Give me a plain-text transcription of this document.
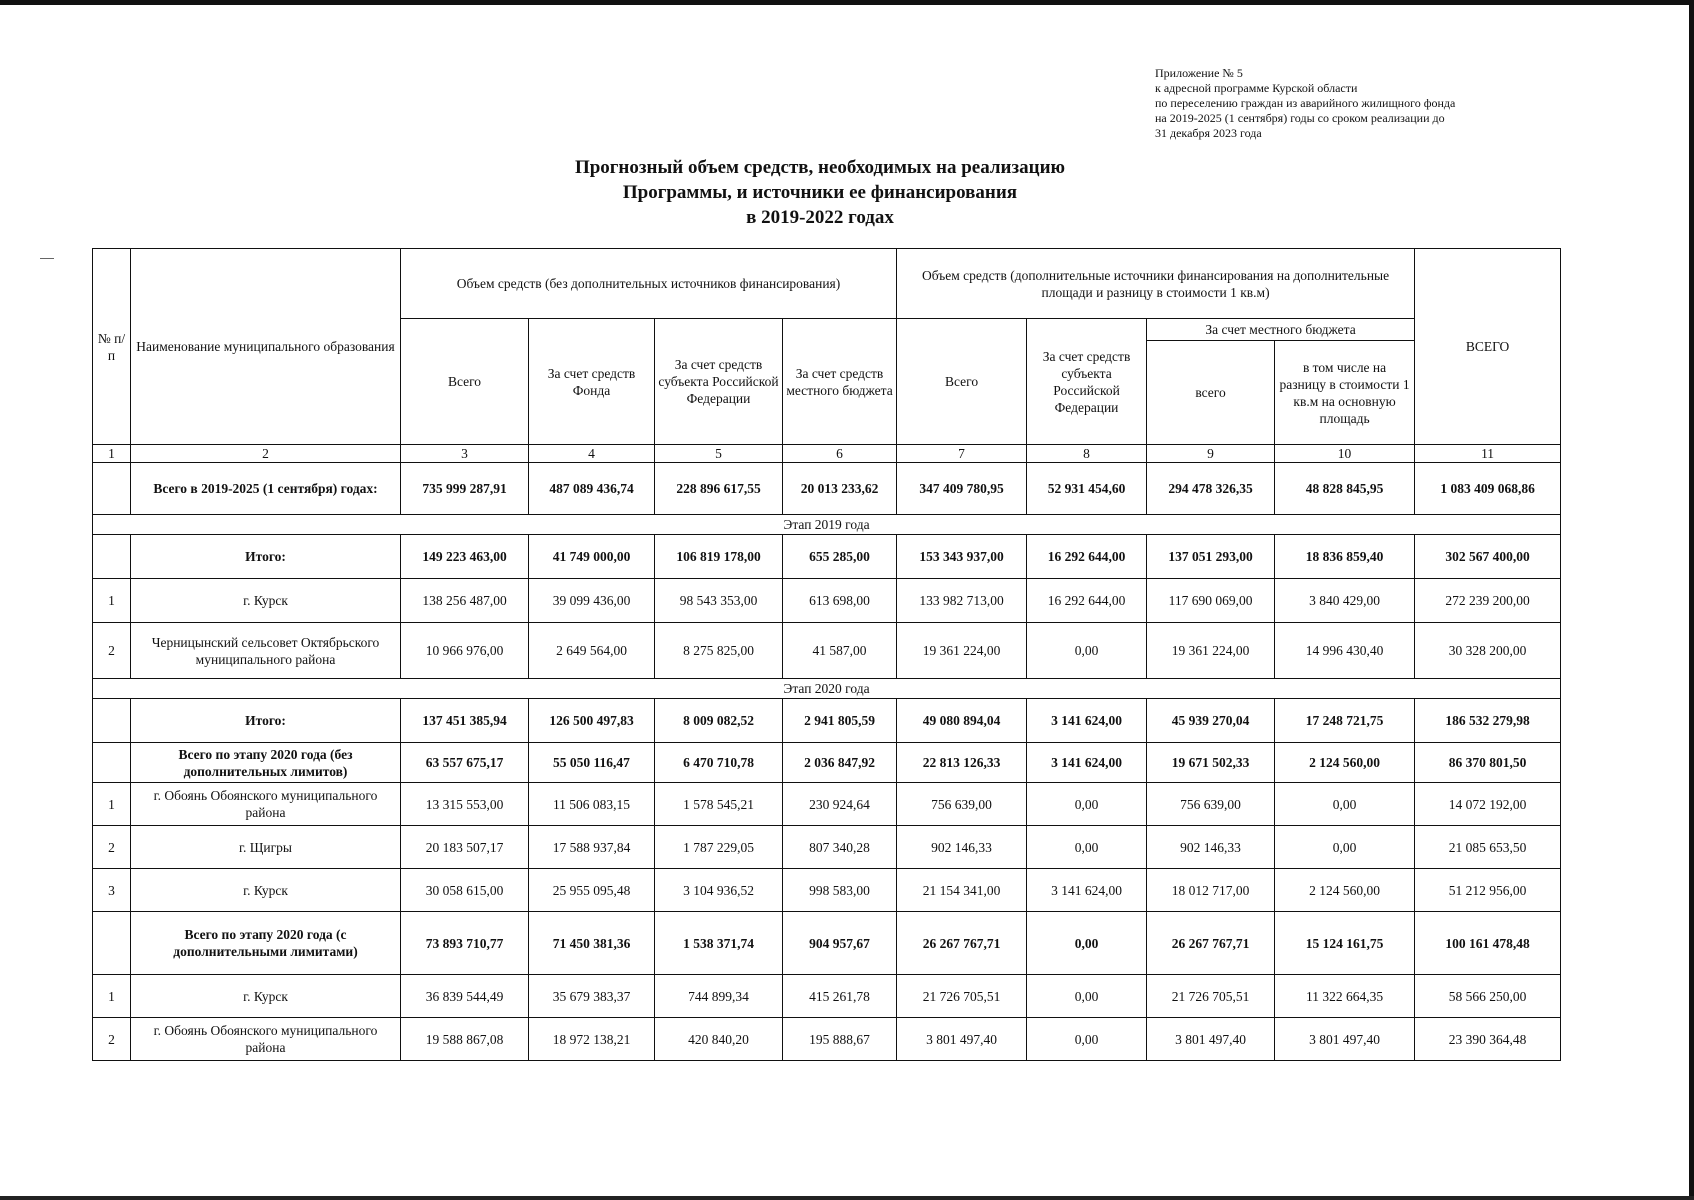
Приложение № 5
к адресной программе Курской области
по переселению граждан из аварийного жилищного фонда
на 2019-2025 (1 сентября) годы со сроком реализации до
31 декабря 2023 года
Прогнозный объем средств, необходимых на реализацию
Программы, и источники ее финансирования
в 2019-2022 годах
№ п/п	Наименование муниципального образования	Объем средств (без дополнительных источников финансирования)				Объем средств (дополнительные источники финансирования на дополнительные площади и разницу в стоимости 1 кв.м)				ВСЕГО
		Всего	За счет средств Фонда	За счет средств субъекта Российской Федерации	За счет средств местного бюджета	Всего	За счет средств субъекта Российской Федерации	За счет местного бюджета		
								всего	в том числе на разницу в стоимости 1 кв.м на основную площадь	
1	2	3	4	5	6	7	8	9	10	11
	Всего в 2019-2025 (1 сентября) годах:	735 999 287,91	487 089 436,74	228 896 617,55	20 013 233,62	347 409 780,95	52 931 454,60	294 478 326,35	48 828 845,95	1 083 409 068,86
Этап 2019 года										
	Итого:	149 223 463,00	41 749 000,00	106 819 178,00	655 285,00	153 343 937,00	16 292 644,00	137 051 293,00	18 836 859,40	302 567 400,00
1	г. Курск	138 256 487,00	39 099 436,00	98 543 353,00	613 698,00	133 982 713,00	16 292 644,00	117 690 069,00	3 840 429,00	272 239 200,00
2	Черницынский сельсовет Октябрьского муниципального района	10 966 976,00	2 649 564,00	8 275 825,00	41 587,00	19 361 224,00	0,00	19 361 224,00	14 996 430,40	30 328 200,00
Этап 2020 года										
	Итого:	137 451 385,94	126 500 497,83	8 009 082,52	2 941 805,59	49 080 894,04	3 141 624,00	45 939 270,04	17 248 721,75	186 532 279,98
	Всего по этапу 2020 года (без дополнительных лимитов)	63 557 675,17	55 050 116,47	6 470 710,78	2 036 847,92	22 813 126,33	3 141 624,00	19 671 502,33	2 124 560,00	86 370 801,50
1	г. Обоянь Обоянского муниципального района	13 315 553,00	11 506 083,15	1 578 545,21	230 924,64	756 639,00	0,00	756 639,00	0,00	14 072 192,00
2	г. Щигры	20 183 507,17	17 588 937,84	1 787 229,05	807 340,28	902 146,33	0,00	902 146,33	0,00	21 085 653,50
3	г. Курск	30 058 615,00	25 955 095,48	3 104 936,52	998 583,00	21 154 341,00	3 141 624,00	18 012 717,00	2 124 560,00	51 212 956,00
	Всего по этапу 2020 года (с дополнительными лимитами)	73 893 710,77	71 450 381,36	1 538 371,74	904 957,67	26 267 767,71	0,00	26 267 767,71	15 124 161,75	100 161 478,48
1	г. Курск	36 839 544,49	35 679 383,37	744 899,34	415 261,78	21 726 705,51	0,00	21 726 705,51	11 322 664,35	58 566 250,00
2	г. Обоянь Обоянского муниципального района	19 588 867,08	18 972 138,21	420 840,20	195 888,67	3 801 497,40	0,00	3 801 497,40	3 801 497,40	23 390 364,48
